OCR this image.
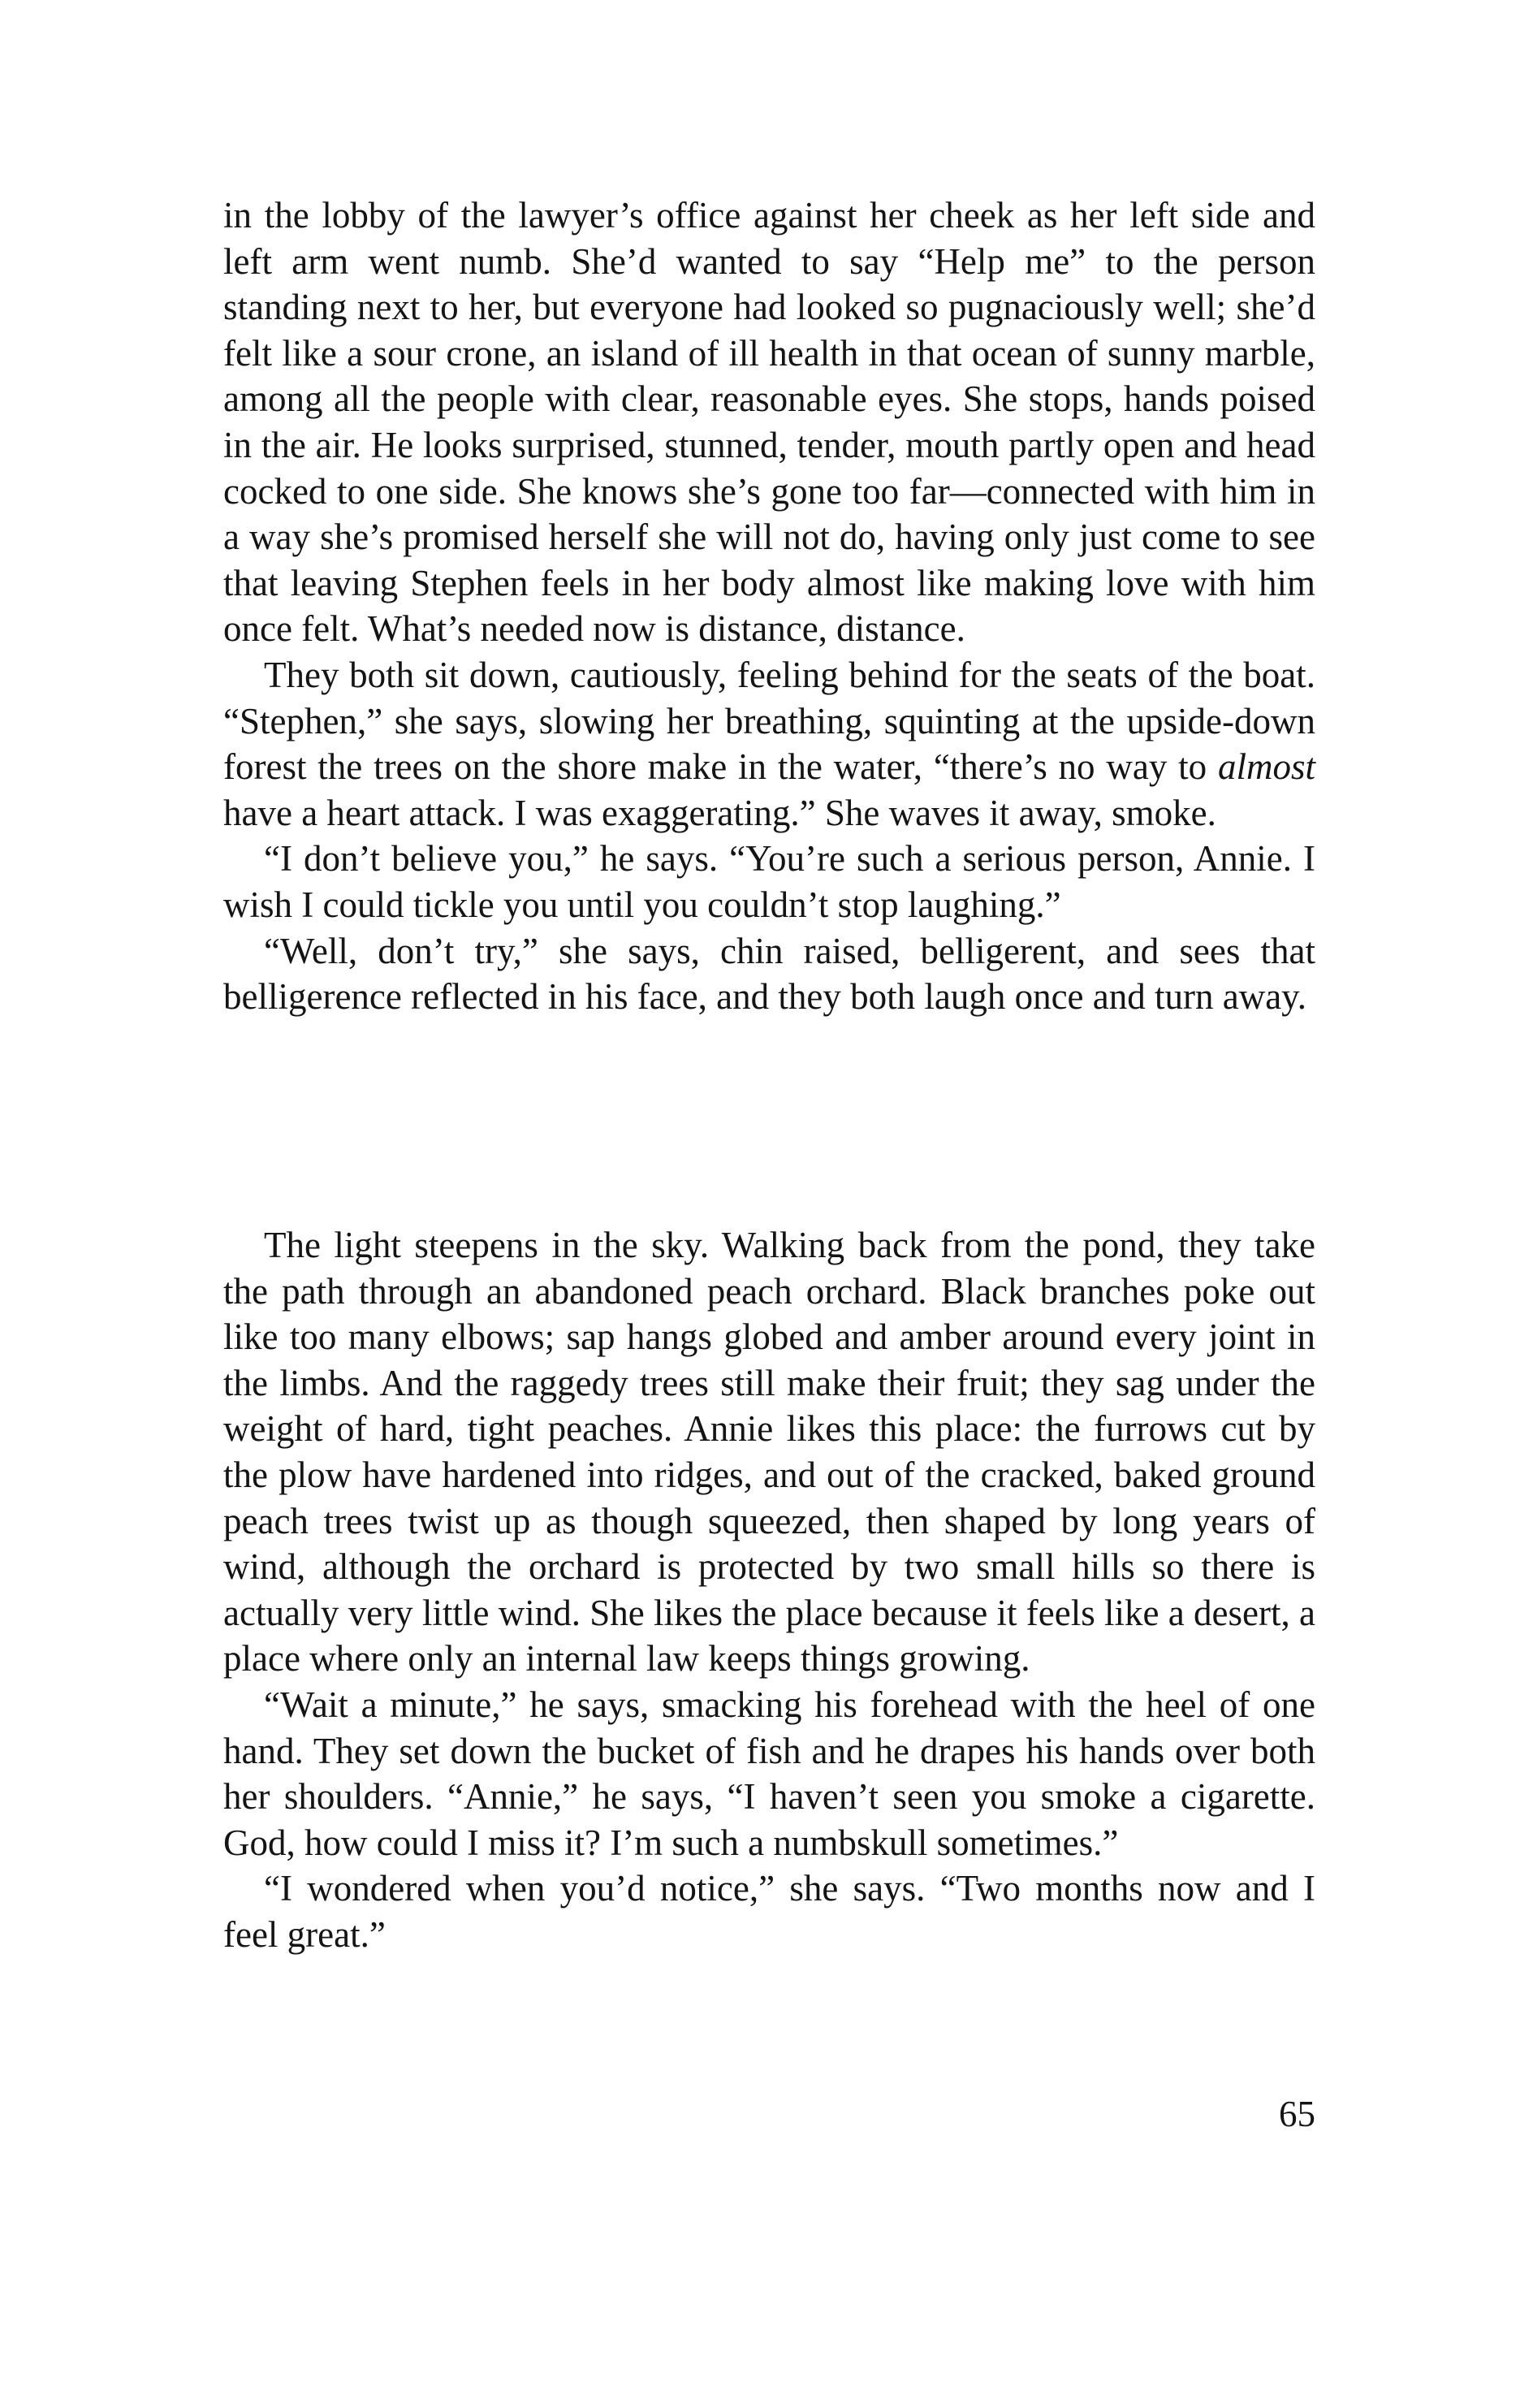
in the lobby of the lawyer’s office against her cheek as her left side and left arm went numb. She’d wanted to say “Help me” to the person standing next to her, but everyone had looked so pugnaciously well; she’d felt like a sour crone, an island of ill health in that ocean of sunny marble, among all the people with clear, reasonable eyes. She stops, hands poised in the air. He looks surprised, stunned, tender, mouth partly open and head cocked to one side. She knows she’s gone too far—connected with him in a way she’s promised herself she will not do, having only just come to see that leaving Stephen feels in her body almost like making love with him once felt. What’s needed now is distance, distance.

They both sit down, cautiously, feeling behind for the seats of the boat. “Stephen,” she says, slowing her breathing, squinting at the upside-down forest the trees on the shore make in the water, “there’s no way to almost have a heart attack. I was exaggerating.” She waves it away, smoke.

“I don’t believe you,” he says. “You’re such a serious person, Annie. I wish I could tickle you until you couldn’t stop laughing.”

“Well, don’t try,” she says, chin raised, belligerent, and sees that belligerence reflected in his face, and they both laugh once and turn away.

The light steepens in the sky. Walking back from the pond, they take the path through an abandoned peach orchard. Black branches poke out like too many elbows; sap hangs globed and amber around every joint in the limbs. And the raggedy trees still make their fruit; they sag under the weight of hard, tight peaches. Annie likes this place: the furrows cut by the plow have hardened into ridges, and out of the cracked, baked ground peach trees twist up as though squeezed, then shaped by long years of wind, although the orchard is protected by two small hills so there is actually very little wind. She likes the place because it feels like a desert, a place where only an internal law keeps things growing.

“Wait a minute,” he says, smacking his forehead with the heel of one hand. They set down the bucket of fish and he drapes his hands over both her shoulders. “Annie,” he says, “I haven’t seen you smoke a cigarette. God, how could I miss it? I’m such a numbskull sometimes.”

“I wondered when you’d notice,” she says. “Two months now and I feel great.”

65
